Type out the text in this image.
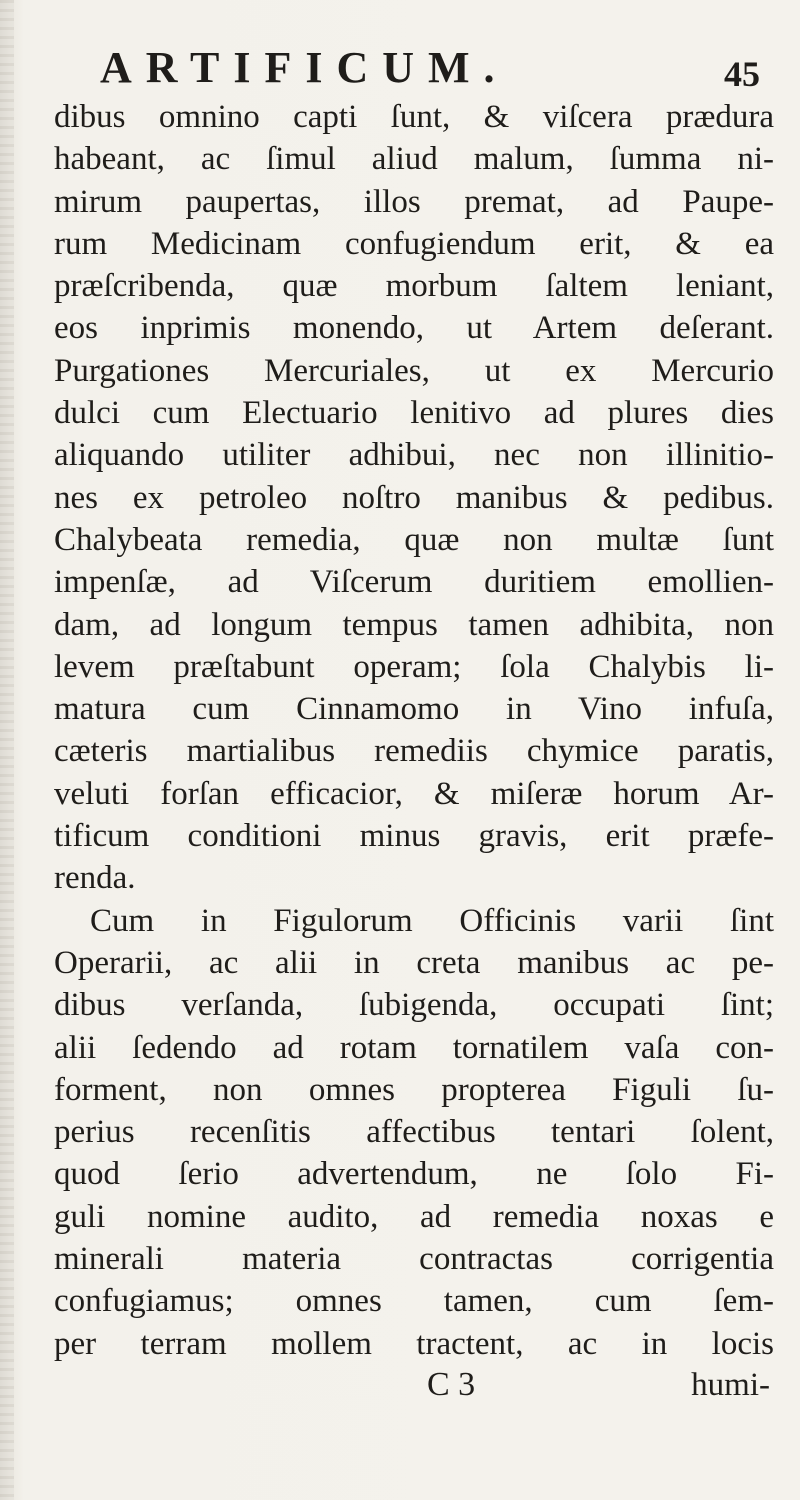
ARTIFICUM.	45
dibus omnino capti ſunt, & viſcera prædura
habeant, ac ſimul aliud malum, ſumma ni-
mirum paupertas, illos premat, ad Paupe-
rum Medicinam confugiendum erit, & ea
præſcribenda, quæ morbum ſaltem leniant,
eos inprimis monendo, ut Artem deſerant.
Purgationes Mercuriales, ut ex Mercurio
dulci cum Electuario lenitivo ad plures dies
aliquando utiliter adhibui, nec non illinitio-
nes ex petroleo noſtro manibus & pedibus.
Chalybeata remedia, quæ non multæ ſunt
impenſæ, ad Viſcerum duritiem emollien-
dam, ad longum tempus tamen adhibita, non
levem præſtabunt operam; ſola Chalybis li-
matura cum Cinnamomo in Vino infuſa,
cæteris martialibus remediis chymice paratis,
veluti forſan efficacior, & miſeræ horum Ar-
tificum conditioni minus gravis, erit præfe-
renda.
Cum in Figulorum Officinis varii ſint
Operarii, ac alii in creta manibus ac pe-
dibus verſanda, ſubigenda, occupati ſint;
alii ſedendo ad rotam tornatilem vaſa con-
forment, non omnes propterea Figuli ſu-
perius recenſitis affectibus tentari ſolent,
quod ſerio advertendum, ne ſolo Fi-
guli nomine audito, ad remedia noxas e
minerali materia contractas corrigentia
confugiamus; omnes tamen, cum ſem-
per terram mollem tractent, ac in locis
C 3	humi-
